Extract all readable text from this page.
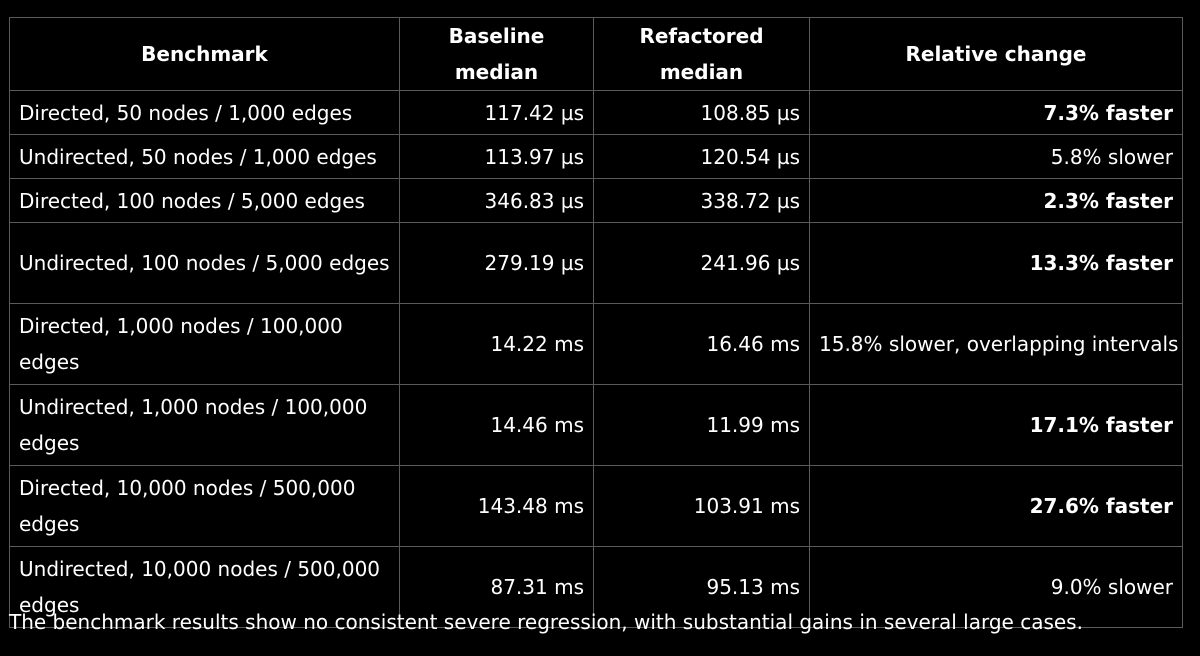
Benchmark	Baseline median	Refactored median	Relative change
Directed, 50 nodes / 1,000 edges	117.42 µs	108.85 µs	7.3% faster
Undirected, 50 nodes / 1,000 edges	113.97 µs	120.54 µs	5.8% slower
Directed, 100 nodes / 5,000 edges	346.83 µs	338.72 µs	2.3% faster
Undirected, 100 nodes / 5,000 edges	279.19 µs	241.96 µs	13.3% faster
Directed, 1,000 nodes / 100,000 edges	14.22 ms	16.46 ms	15.8% slower, overlapping intervals
Undirected, 1,000 nodes / 100,000 edges	14.46 ms	11.99 ms	17.1% faster
Directed, 10,000 nodes / 500,000 edges	143.48 ms	103.91 ms	27.6% faster
Undirected, 10,000 nodes / 500,000 edges	87.31 ms	95.13 ms	9.0% slower
The benchmark results show no consistent severe regression, with substantial gains in several large cases.
